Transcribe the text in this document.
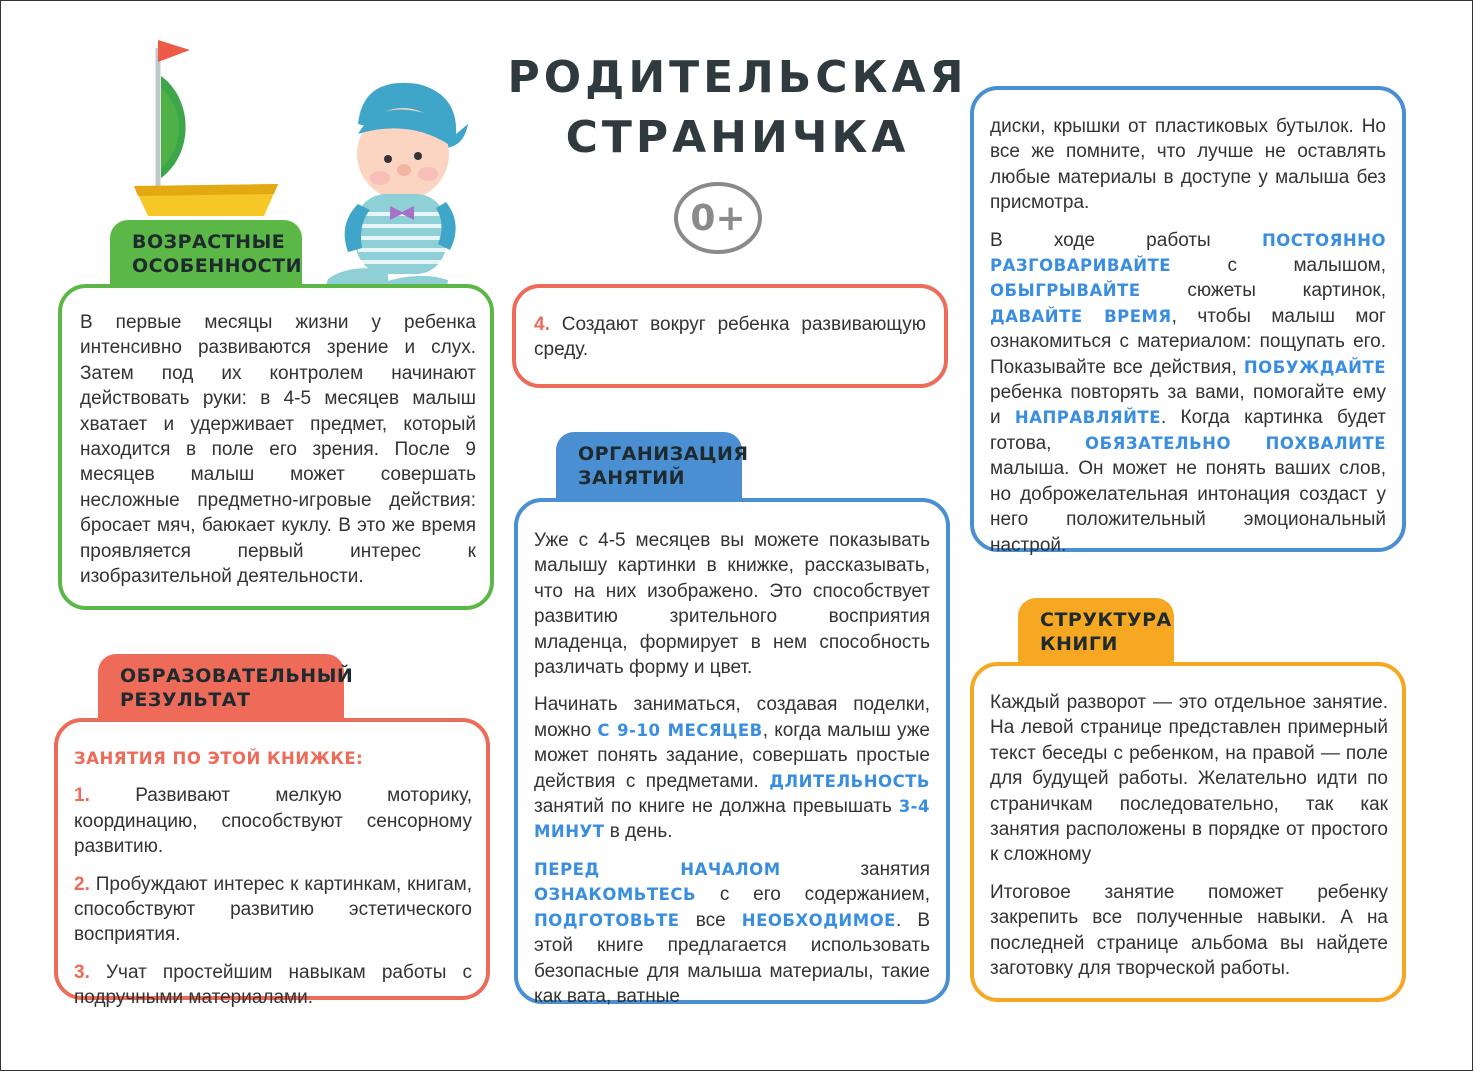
РОДИТЕЛЬСКАЯ
СТРАНИЧКА
0+
ВОЗРАСТНЫЕ
ОСОБЕННОСТИ

В первые месяцы жизни у ребенка интенсивно развиваются зрение и слух. Затем под их контролем начинают действовать руки: в 4-5 месяцев малыш хватает и удерживает предмет, который находится в поле его зрения. После 9 месяцев малыш может совершать несложные предметно-игровые действия: бросает мяч, баюкает куклу. В это же время проявляется первый интерес к изобразительной деятельности.

ОБРАЗОВАТЕЛЬНЫЙ
РЕЗУЛЬТАТ

ЗАНЯТИЯ ПО ЭТОЙ КНИЖКЕ:

1. Развивают мелкую моторику, координацию, способствуют сенсорному развитию.

2. Пробуждают интерес к картинкам, книгам, способствуют развитию эстетического восприятия.

3. Учат простейшим навыкам работы с подручными материалами.

4. Создают вокруг ребенка развивающую среду.

ОРГАНИЗАЦИЯ
ЗАНЯТИЙ

Уже с 4-5 месяцев вы можете показывать малышу картинки в книжке, рассказывать, что на них изображено. Это способствует развитию зрительного восприятия младенца, формирует в нем способность различать форму и цвет.

Начинать заниматься, создавая поделки, можно С 9-10 МЕСЯЦЕВ, когда малыш уже может понять задание, совершать простые действия с предметами. ДЛИТЕЛЬНОСТЬ занятий по книге не должна превышать 3-4 МИНУТ в день.

ПЕРЕД НАЧАЛОМ	занятия ОЗНАКОМЬТЕСЬ с его содержанием, ПОДГОТОВЬТЕ все НЕОБХОДИМОЕ. В этой книге предлагается использовать безопасные для малыша материалы, такие как вата, ватные

диски, крышки от пластиковых бутылок. Но все же помните, что лучше не оставлять любые материалы в доступе у малыша без присмотра.

В ходе работы	ПОСТОЯННО РАЗГОВАРИВАЙТЕ	с малышом, ОБЫГРЫВАЙТЕ сюжеты картинок, ДАВАЙТЕ ВРЕМЯ, чтобы малыш мог ознакомиться с материалом: пощупать его. Показывайте все действия, ПОБУЖДАЙТЕ ребенка повторять за вами, помогайте ему и НАПРАВЛЯЙТЕ. Когда картинка будет готова, ОБЯЗАТЕЛЬНО ПОХВАЛИТЕ малыша. Он может не понять ваших слов, но доброжелательная интонация создаст у него положительный эмоциональный настрой.

СТРУКТУРА
КНИГИ

Каждый разворот — это отдельное занятие. На левой странице представлен примерный текст беседы с ребенком, на правой — поле для будущей работы. Желательно идти по страничкам последовательно, так как занятия расположены в порядке от простого к сложному

Итоговое занятие поможет ребенку закрепить все полученные навыки. А на последней странице альбома вы найдете заготовку для творческой работы.
